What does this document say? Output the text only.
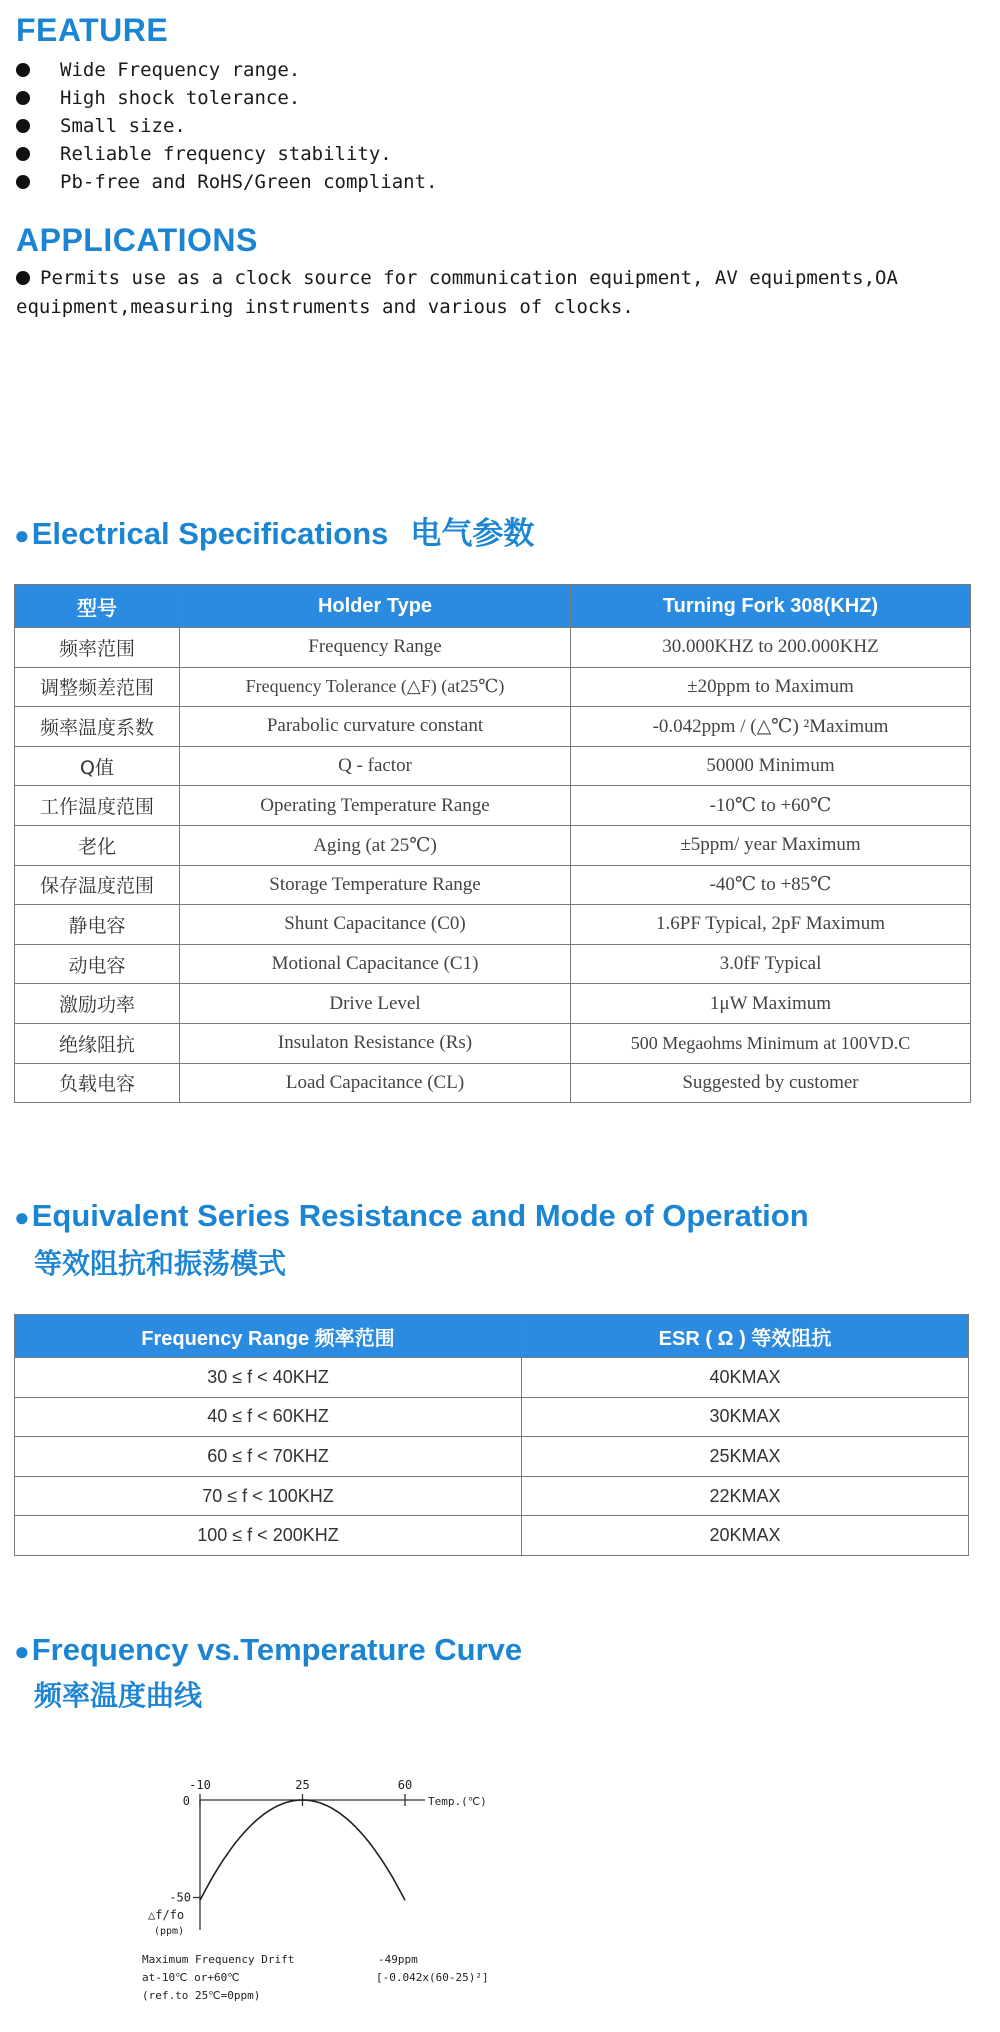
FEATURE
Wide Frequency range.
High shock tolerance.
Small size.
Reliable frequency stability.
Pb-free and RoHS/Green compliant.
APPLICATIONS
Permits use as a clock source for communication equipment, AV equipments,OA equipment,measuring instruments and various of clocks.
●Electrical Specifications 电气参数
型号	Holder Type	Turning Fork 308(KHZ)
频率范围	Frequency Range	30.000KHZ to 200.000KHZ
调整频差范围	Frequency Tolerance (△F) (at25℃)	±20ppm to Maximum
频率温度系数	Parabolic curvature constant	-0.042ppm / (△℃) ²Maximum
Q值	Q - factor	50000 Minimum
工作温度范围	Operating Temperature Range	-10℃ to +60℃
老化	Aging (at 25℃)	±5ppm/ year Maximum
保存温度范围	Storage Temperature Range	-40℃ to +85℃
静电容	Shunt Capacitance (C0)	1.6PF Typical, 2pF Maximum
动电容	Motional Capacitance (C1)	3.0fF Typical
激励功率	Drive Level	1μW Maximum
绝缘阻抗	Insulaton Resistance (Rs)	500 Megaohms Minimum at 100VD.C
负载电容	Load Capacitance (CL)	Suggested by customer
●Equivalent Series Resistance and Mode of Operation
等效阻抗和振荡模式
Frequency Range 频率范围	ESR ( Ω ) 等效阻抗
30 ≤ f < 40KHZ	40KMAX
40 ≤ f < 60KHZ	30KMAX
60 ≤ f < 70KHZ	25KMAX
70 ≤ f < 100KHZ	22KMAX
100 ≤ f < 200KHZ	20KMAX
●Frequency vs.Temperature Curve
频率温度曲线
-10	25	60
0
-50
Temp.(℃)
△f/fo
(ppm)
Maximum Frequency Drift
at-10℃ or+60℃
(ref.to 25℃=0ppm)
-49ppm
[-0.042x(60-25)²]
